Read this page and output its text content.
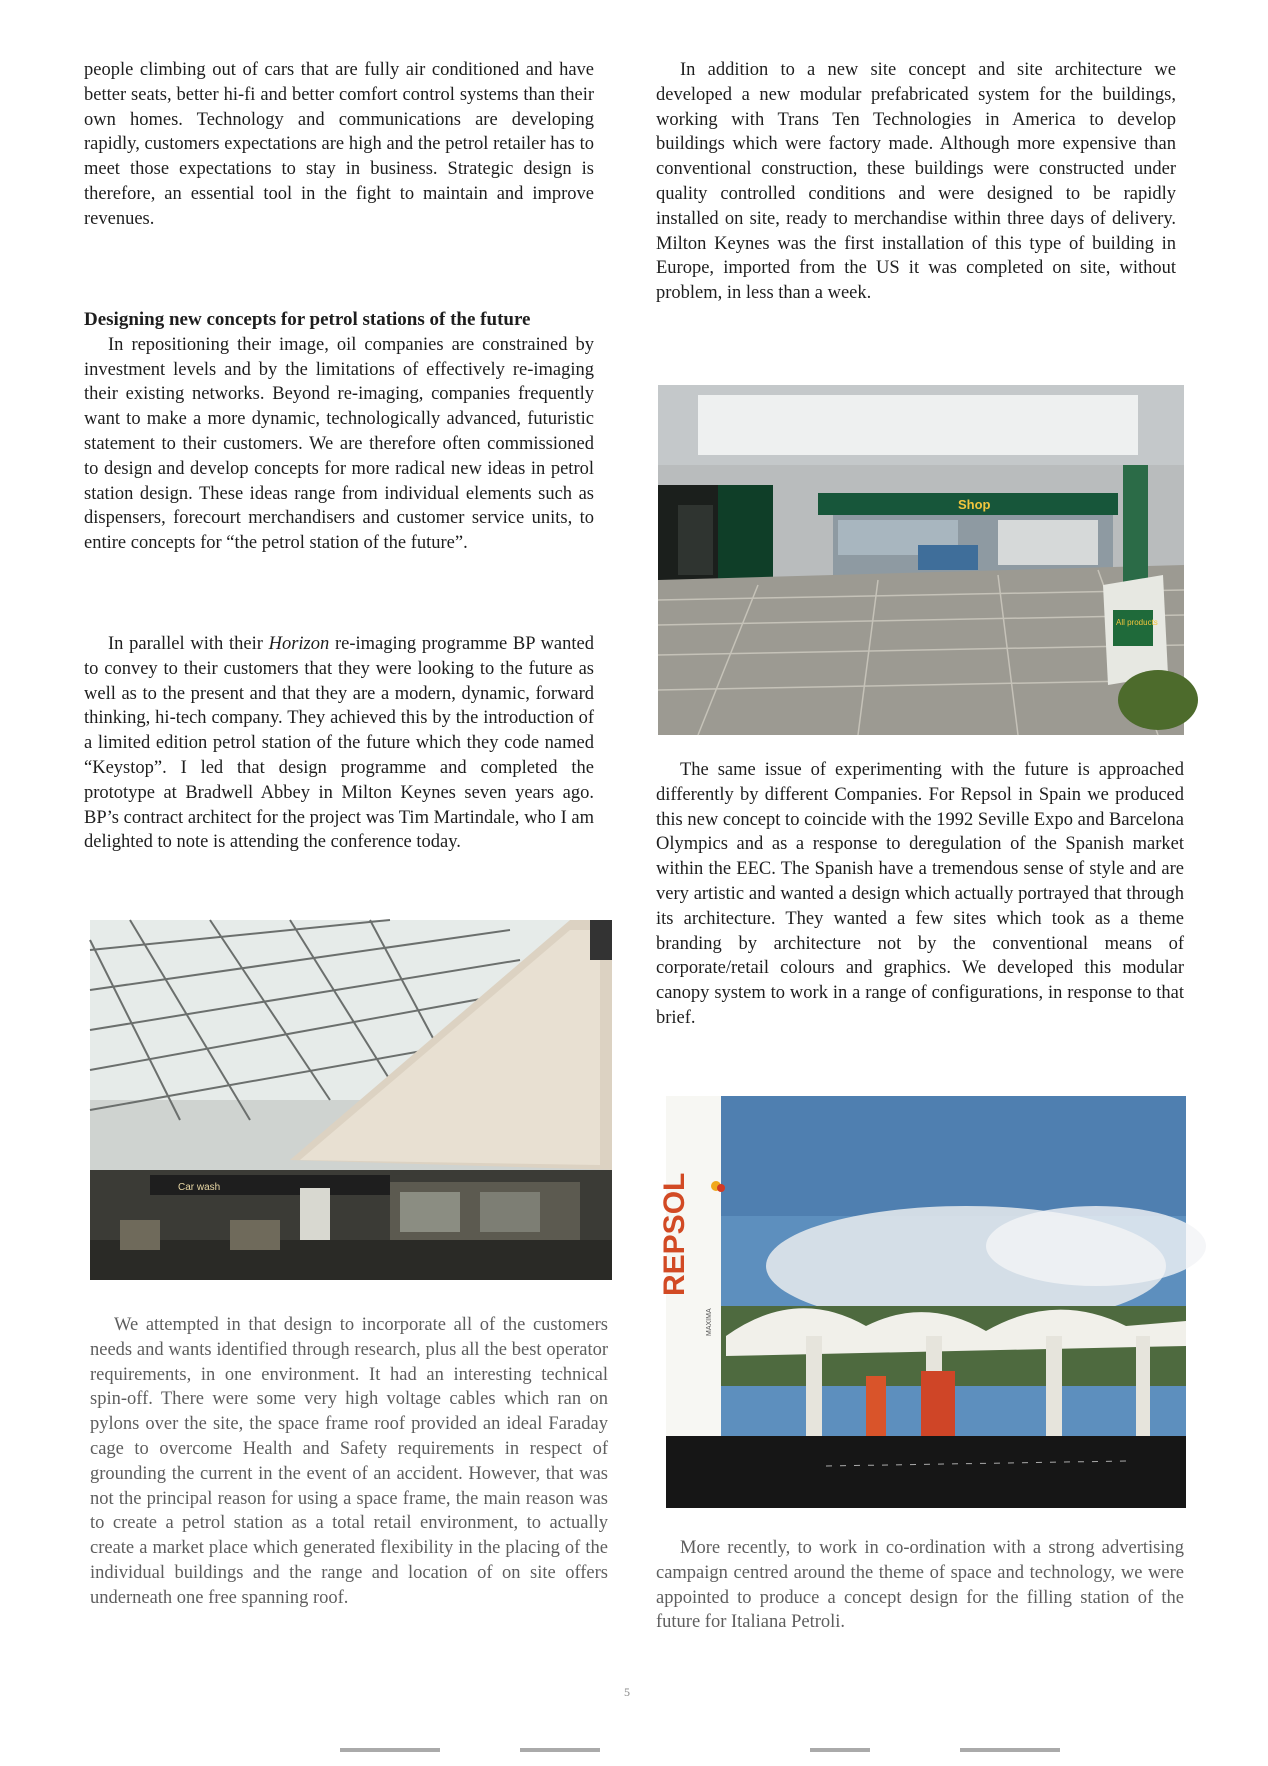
people climbing out of cars that are fully air conditioned and have better seats, better hi-fi and better comfort control systems than their own homes. Technology and communications are developing rapidly, customers expectations are high and the petrol retailer has to meet those expectations to stay in business. Strategic design is therefore, an essential tool in the fight to maintain and improve revenues.

Designing new concepts for petrol stations of the future

In repositioning their image, oil companies are constrained by investment levels and by the limitations of effectively re-imaging their existing networks. Beyond re-imaging, companies frequently want to make a more dynamic, technologically advanced, futuristic statement to their customers. We are therefore often commissioned to design and develop concepts for more radical new ideas in petrol station design. These ideas range from individual elements such as dispensers, forecourt merchandisers and customer service units, to entire concepts for “the petrol station of the future”.

In parallel with their Horizon re-imaging programme BP wanted to convey to their customers that they were looking to the future as well as to the present and that they are a modern, dynamic, forward thinking, hi-tech company. They achieved this by the introduction of a limited edition petrol station of the future which they code named “Keystop”. I led that design programme and completed the prototype at Bradwell Abbey in Milton Keynes seven years ago. BP’s contract architect for the project was Tim Martindale, who I am delighted to note is attending the conference today.

Car wash

We attempted in that design to incorporate all of the customers needs and wants identified through research, plus all the best operator requirements, in one environment. It had an interesting technical spin-off. There were some very high voltage cables which ran on pylons over the site, the space frame roof provided an ideal Faraday cage to overcome Health and Safety requirements in respect of grounding the current in the event of an accident. However, that was not the principal reason for using a space frame, the main reason was to create a petrol station as a total retail environment, to actually create a market place which generated flexibility in the placing of the individual buildings and the range and location of on site offers underneath one free spanning roof.

In addition to a new site concept and site architecture we developed a new modular prefabricated system for the buildings, working with Trans Ten Technologies in America to develop buildings which were factory made. Although more expensive than conventional construction, these buildings were constructed under quality controlled conditions and were designed to be rapidly installed on site, ready to merchandise within three days of delivery. Milton Keynes was the first installation of this type of building in Europe, imported from the US it was completed on site, without problem, in less than a week.

Shop
All products

The same issue of experimenting with the future is approached differently by different Companies. For Repsol in Spain we produced this new concept to coincide with the 1992 Seville Expo and Barcelona Olympics and as a response to deregulation of the Spanish market within the EEC. The Spanish have a tremendous sense of style and are very artistic and wanted a design which actually portrayed that through its architecture. They wanted a few sites which took as a theme branding by architecture not by the conventional means of corporate/retail colours and graphics. We developed this modular canopy system to work in a range of configurations, in response to that brief.

REPSOL
MAXIMA

More recently, to work in co-ordination with a strong advertising campaign centred around the theme of space and technology, we were appointed to produce a concept design for the filling station of the future for Italiana Petroli.

5
